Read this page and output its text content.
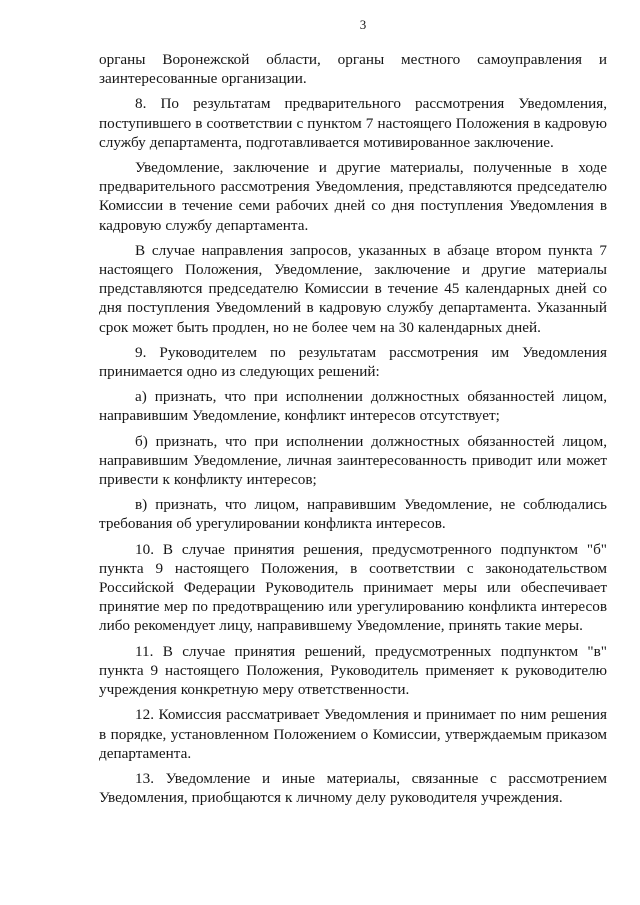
3

органы Воронежской области, органы местного самоуправления и заинтересованные организации.

8. По результатам предварительного рассмотрения Уведомления, поступившего в соответствии с пунктом 7 настоящего Положения в кадровую службу департамента, подготавливается мотивированное заключение.

Уведомление, заключение и другие материалы, полученные в ходе предварительного рассмотрения Уведомления, представляются председателю Комиссии в течение семи рабочих дней со дня поступления Уведомления в кадровую службу департамента.

В случае направления запросов, указанных в абзаце втором пункта 7 настоящего Положения, Уведомление, заключение и другие материалы представляются председателю Комиссии в течение 45 календарных дней со дня поступления Уведомлений в кадровую службу департамента. Указанный срок может быть продлен, но не более чем на 30 календарных дней.

9. Руководителем по результатам рассмотрения им Уведомления принимается одно из следующих решений:

а) признать, что при исполнении должностных обязанностей лицом, направившим Уведомление, конфликт интересов отсутствует;

б) признать, что при исполнении должностных обязанностей лицом, направившим Уведомление, личная заинтересованность приводит или может привести к конфликту интересов;

в) признать, что лицом, направившим Уведомление, не соблюдались требования об урегулировании конфликта интересов.

10. В случае принятия решения, предусмотренного подпунктом "б" пункта 9 настоящего Положения, в соответствии с законодательством Российской Федерации Руководитель принимает меры или обеспечивает принятие мер по предотвращению или урегулированию конфликта интересов либо рекомендует лицу, направившему Уведомление, принять такие меры.

11. В случае принятия решений, предусмотренных подпунктом "в" пункта 9 настоящего Положения, Руководитель применяет к руководителю учреждения конкретную меру ответственности.

12. Комиссия рассматривает Уведомления и принимает по ним решения в порядке, установленном Положением о Комиссии, утверждаемым приказом департамента.

13. Уведомление и иные материалы, связанные с рассмотрением Уведомления, приобщаются к личному делу руководителя учреждения.
